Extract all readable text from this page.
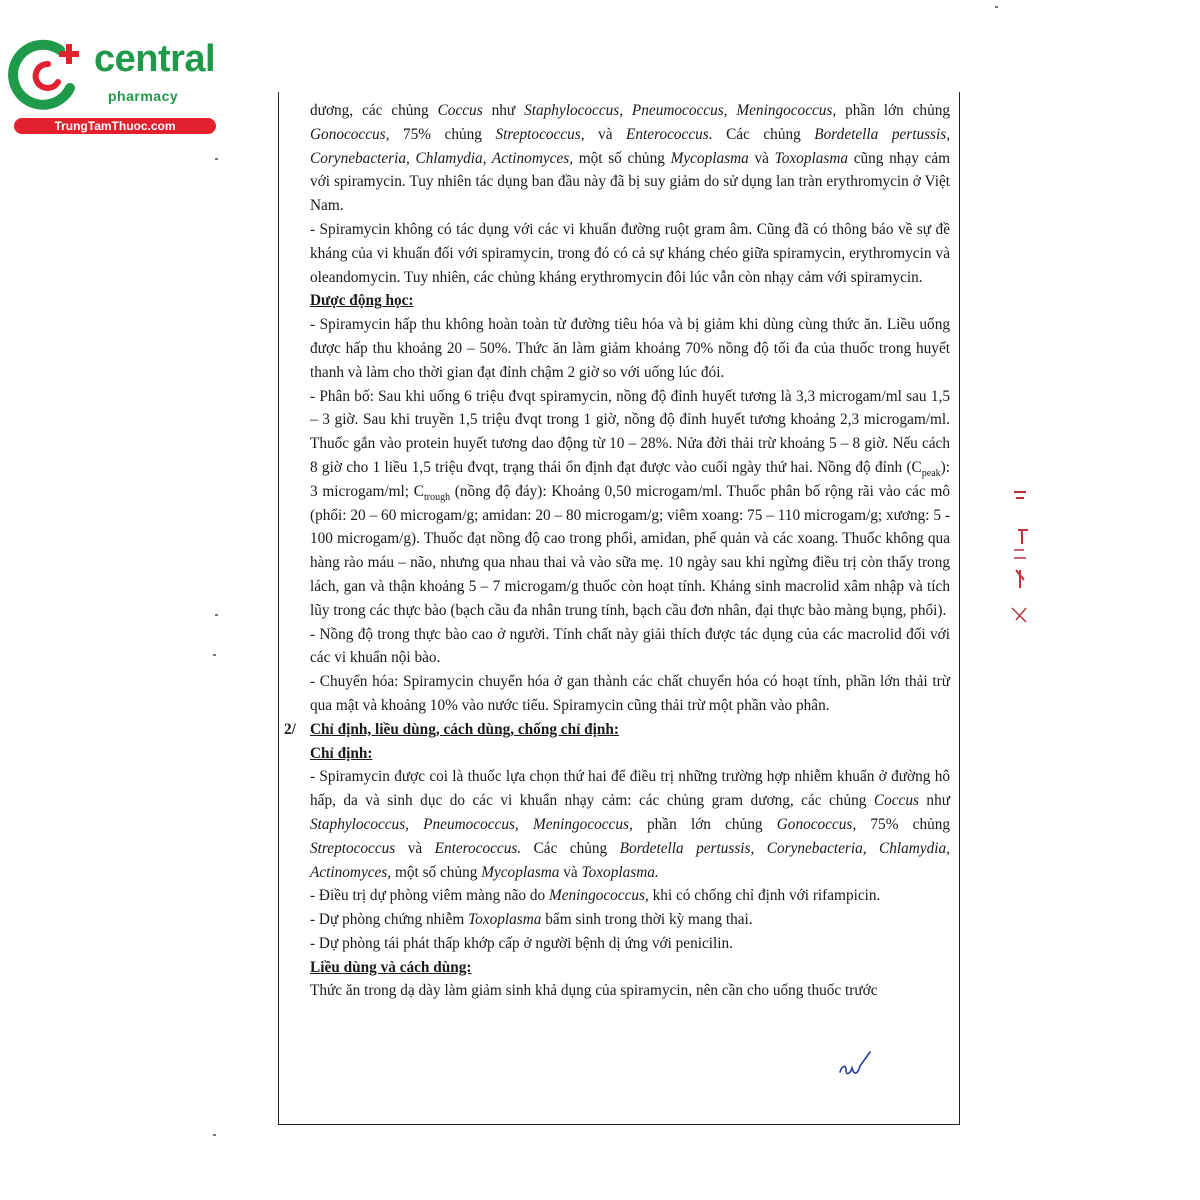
central
pharmacy
TrungTamThuoc.com

dương, các chủng Coccus như Staphylococcus, Pneumococcus, Meningococcus, phần lớn chủng Gonococcus, 75% chủng Streptococcus, và Enterococcus. Các chủng Bordetella pertussis, Corynebacteria, Chlamydia, Actinomyces, một số chủng Mycoplasma và Toxoplasma cũng nhạy cảm với spiramycin. Tuy nhiên tác dụng ban đầu này đã bị suy giảm do sử dụng lan tràn erythromycin ở Việt Nam.

- Spiramycin không có tác dụng với các vi khuẩn đường ruột gram âm. Cũng đã có thông báo về sự đề kháng của vi khuẩn đối với spiramycin, trong đó có cả sự kháng chéo giữa spiramycin, erythromycin và oleandomycin. Tuy nhiên, các chủng kháng erythromycin đôi lúc vẫn còn nhạy cảm với spiramycin.

Dược động học:

- Spiramycin hấp thu không hoàn toàn từ đường tiêu hóa và bị giảm khi dùng cùng thức ăn. Liều uống được hấp thu khoảng 20 – 50%. Thức ăn làm giảm khoảng 70% nồng độ tối đa của thuốc trong huyết thanh và làm cho thời gian đạt đỉnh chậm 2 giờ so với uống lúc đói.

- Phân bố: Sau khi uống 6 triệu đvqt spiramycin, nồng độ đỉnh huyết tương là 3,3 microgam/ml sau 1,5 – 3 giờ. Sau khi truyền 1,5 triệu đvqt trong 1 giờ, nồng độ đỉnh huyết tương khoảng 2,3 microgam/ml. Thuốc gắn vào protein huyết tương dao động từ 10 – 28%. Nửa đời thải trừ khoảng 5 – 8 giờ. Nếu cách 8 giờ cho 1 liều 1,5 triệu đvqt, trạng thái ổn định đạt được vào cuối ngày thứ hai. Nồng độ đỉnh $(C_{peak})$: 3 microgam/ml; $C_{trough}$ (nồng độ đáy): Khoảng 0,50 microgam/ml. Thuốc phân bố rộng rãi vào các mô (phổi: 20 – 60 microgam/g; amidan: 20 – 80 microgam/g; viêm xoang: 75 – 110 microgam/g; xương: 5 - 100 microgam/g). Thuốc đạt nồng độ cao trong phổi, amidan, phế quản và các xoang. Thuốc không qua hàng rào máu – não, nhưng qua nhau thai và vào sữa mẹ. 10 ngày sau khi ngừng điều trị còn thấy trong lách, gan và thận khoảng 5 – 7 microgam/g thuốc còn hoạt tính. Kháng sinh macrolid xâm nhập và tích lũy trong các thực bào (bạch cầu đa nhân trung tính, bạch cầu đơn nhân, đại thực bào màng bụng, phổi).

- Nồng độ trong thực bào cao ở người. Tính chất này giải thích được tác dụng của các macrolid đối với các vi khuẩn nội bào.

- Chuyển hóa: Spiramycin chuyển hóa ở gan thành các chất chuyển hóa có hoạt tính, phần lớn thải trừ qua mật và khoảng 10% vào nước tiểu. Spiramycin cũng thải trừ một phần vào phân.

2/ Chỉ định, liều dùng, cách dùng, chống chỉ định:

Chỉ định:

- Spiramycin được coi là thuốc lựa chọn thứ hai để điều trị những trường hợp nhiễm khuẩn ở đường hô hấp, da và sinh dục do các vi khuẩn nhạy cảm: các chủng gram dương, các chủng Coccus như Staphylococcus, Pneumococcus, Meningococcus, phần lớn chủng Gonococcus, 75% chủng Streptococcus và Enterococcus. Các chủng Bordetella pertussis, Corynebacteria, Chlamydia, Actinomyces, một số chủng Mycoplasma và Toxoplasma.

- Điều trị dự phòng viêm màng não do Meningococcus, khi có chống chỉ định với rifampicin.

- Dự phòng chứng nhiễm Toxoplasma bẩm sinh trong thời kỳ mang thai.

- Dự phòng tái phát thấp khớp cấp ở người bệnh dị ứng với penicilin.

Liều dùng và cách dùng:

Thức ăn trong dạ dày làm giảm sinh khả dụng của spiramycin, nên cần cho uống thuốc trước
